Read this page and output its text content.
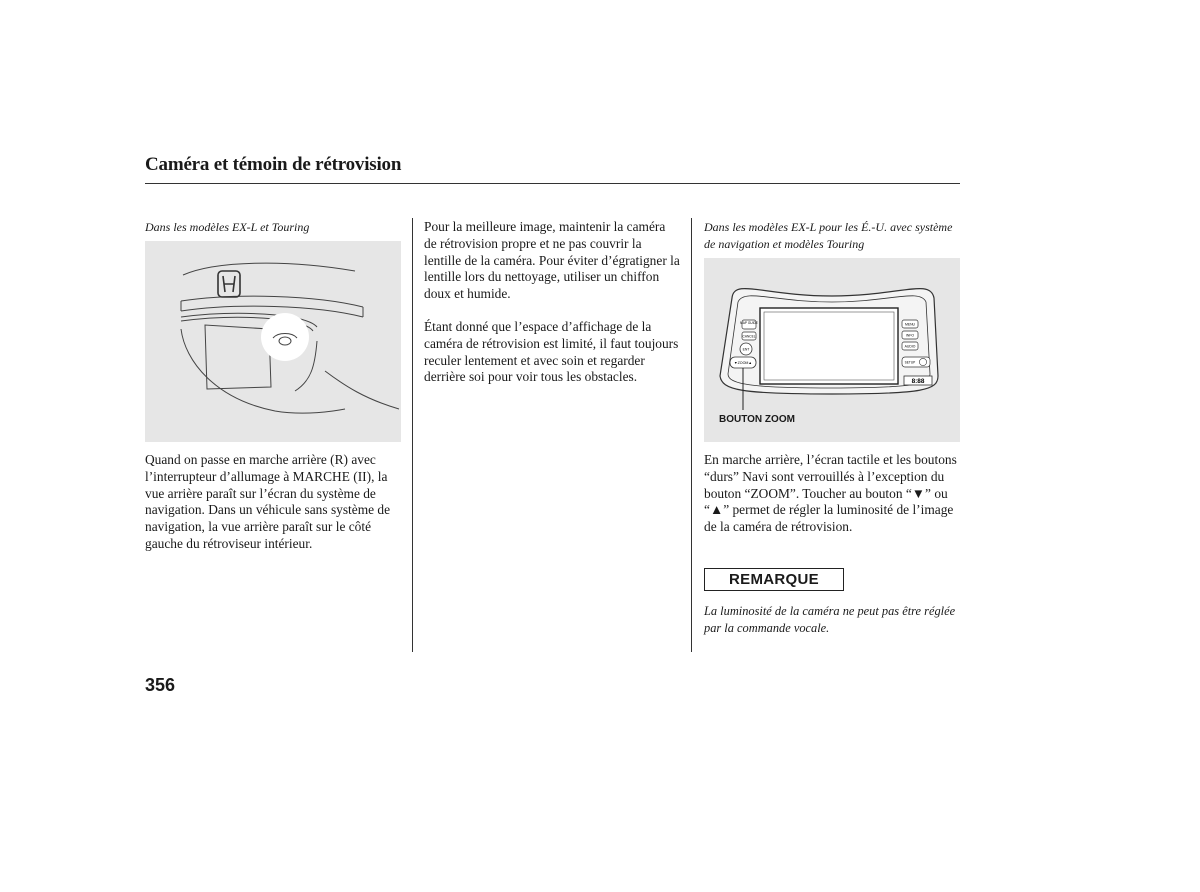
Caméra et témoin de rétrovision
Dans les modèles EX-L et Touring

Quand on passe en marche arrière (R) avec l’interrupteur d’allumage à MARCHE (II), la vue arrière paraît sur l’écran du système de navigation. Dans un véhicule sans système de navigation, la vue arrière paraît sur le côté gauche du rétroviseur intérieur.

Pour la meilleure image, maintenir la caméra de rétrovision propre et ne pas couvrir la lentille de la caméra. Pour éviter d’égratigner la lentille lors du nettoyage, utiliser un chiffon doux et humide.

Étant donné que l’espace d’affichage de la caméra de rétrovision est limité, il faut toujours reculer lentement et avec soin et regarder derrière soi pour voir tous les obstacles.

Dans les modèles EX-L pour les É.-U. avec système de navigation et modèles Touring
MAP GUIDE
CANCEL
ENT
▼ZOOM▲
MENU
INFO
AUDIO
SETUP
8:88
BOUTON ZOOM

En marche arrière, l’écran tactile et les boutons “durs” Navi sont verrouillés à l’exception du bouton “ZOOM”. Toucher au bouton “▼” ou “▲” permet de régler la luminosité de l’image de la caméra de rétrovision.

REMARQUE

La luminosité de la caméra ne peut pas être réglée par la commande vocale.

356
